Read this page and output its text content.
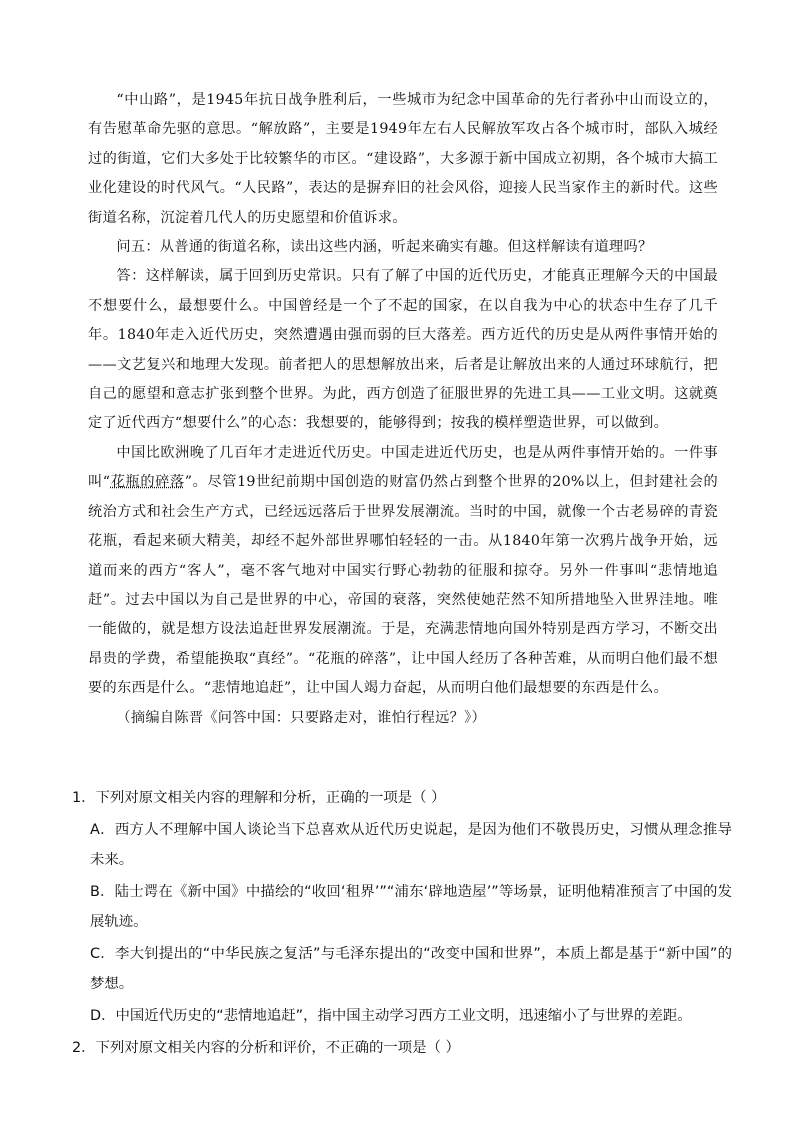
“中山路”，是1945年抗日战争胜利后，一些城市为纪念中国革命的先行者孙中山而设立的，有告慰革命先驱的意思。“解放路”，主要是1949年左右人民解放军攻占各个城市时，部队入城经过的街道，它们大多处于比较繁华的市区。“建设路”，大多源于新中国成立初期，各个城市大搞工业化建设的时代风气。“人民路”，表达的是摒弃旧的社会风俗，迎接人民当家作主的新时代。这些街道名称，沉淀着几代人的历史愿望和价值诉求。

问五：从普通的街道名称，读出这些内涵，听起来确实有趣。但这样解读有道理吗？

答：这样解读，属于回到历史常识。只有了解了中国的近代历史，才能真正理解今天的中国最不想要什么，最想要什么。中国曾经是一个了不起的国家，在以自我为中心的状态中生存了几千年。1840年走入近代历史，突然遭遇由强而弱的巨大落差。西方近代的历史是从两件事情开始的——文艺复兴和地理大发现。前者把人的思想解放出来，后者是让解放出来的人通过环球航行，把自己的愿望和意志扩张到整个世界。为此，西方创造了征服世界的先进工具——工业文明。这就奠定了近代西方“想要什么”的心态：我想要的，能够得到；按我的模样塑造世界，可以做到。

中国比欧洲晚了几百年才走进近代历史。中国走进近代历史，也是从两件事情开始的。一件事叫“花瓶的碎落”。尽管19世纪前期中国创造的财富仍然占到整个世界的20%以上，但封建社会的统治方式和社会生产方式，已经远远落后于世界发展潮流。当时的中国，就像一个古老易碎的青瓷花瓶，看起来硕大精美，却经不起外部世界哪怕轻轻的一击。从1840年第一次鸦片战争开始，远道而来的西方“客人”，毫不客气地对中国实行野心勃勃的征服和掠夺。另外一件事叫“悲情地追赶”。过去中国以为自己是世界的中心，帝国的衰落，突然使她茫然不知所措地坠入世界洼地。唯一能做的，就是想方设法追赶世界发展潮流。于是，充满悲情地向国外特别是西方学习，不断交出昂贵的学费，希望能换取“真经”。“花瓶的碎落”，让中国人经历了各种苦难，从而明白他们最不想要的东西是什么。“悲情地追赶”，让中国人竭力奋起，从而明白他们最想要的东西是什么。

（摘编自陈晋《问答中国：只要路走对，谁怕行程远？》）

1．下列对原文相关内容的理解和分析，正确的一项是（ ）

A．西方人不理解中国人谈论当下总喜欢从近代历史说起，是因为他们不敬畏历史，习惯从理念推导未来。

B．陆士谔在《新中国》中描绘的“收回‘租界’”“浦东‘辟地造屋’”等场景，证明他精准预言了中国的发展轨迹。

C．李大钊提出的“中华民族之复活”与毛泽东提出的“改变中国和世界”，本质上都是基于“新中国”的梦想。

D．中国近代历史的“悲情地追赶”，指中国主动学习西方工业文明，迅速缩小了与世界的差距。

2．下列对原文相关内容的分析和评价，不正确的一项是（ ）
